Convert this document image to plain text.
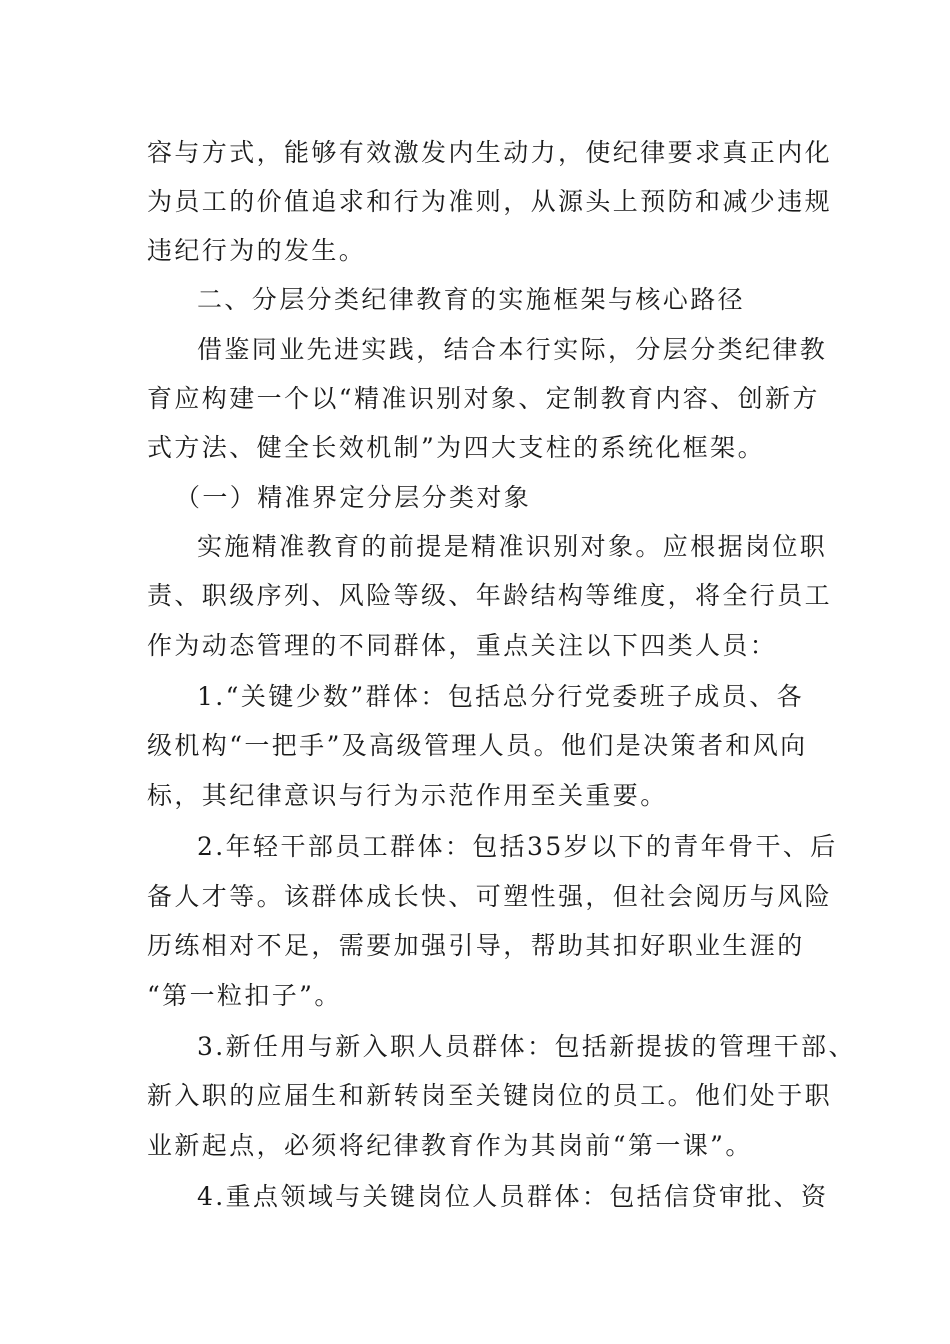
容与方式，能够有效激发内生动力，使纪律要求真正内化
为员工的价值追求和行为准则，从源头上预防和减少违规
违纪行为的发生。
二、分层分类纪律教育的实施框架与核心路径
借鉴同业先进实践，结合本行实际，分层分类纪律教
育应构建一个以“精准识别对象、定制教育内容、创新方
式方法、健全长效机制”为四大支柱的系统化框架。
（一）精准界定分层分类对象
实施精准教育的前提是精准识别对象。应根据岗位职
责、职级序列、风险等级、年龄结构等维度，将全行员工
作为动态管理的不同群体，重点关注以下四类人员：
1.“关键少数”群体：包括总分行党委班子成员、各
级机构“一把手”及高级管理人员。他们是决策者和风向
标，其纪律意识与行为示范作用至关重要。
2.年轻干部员工群体：包括35岁以下的青年骨干、后
备人才等。该群体成长快、可塑性强，但社会阅历与风险
历练相对不足，需要加强引导，帮助其扣好职业生涯的
“第一粒扣子”。
3.新任用与新入职人员群体：包括新提拔的管理干部、
新入职的应届生和新转岗至关键岗位的员工。他们处于职
业新起点，必须将纪律教育作为其岗前“第一课”。
4.重点领域与关键岗位人员群体：包括信贷审批、资
